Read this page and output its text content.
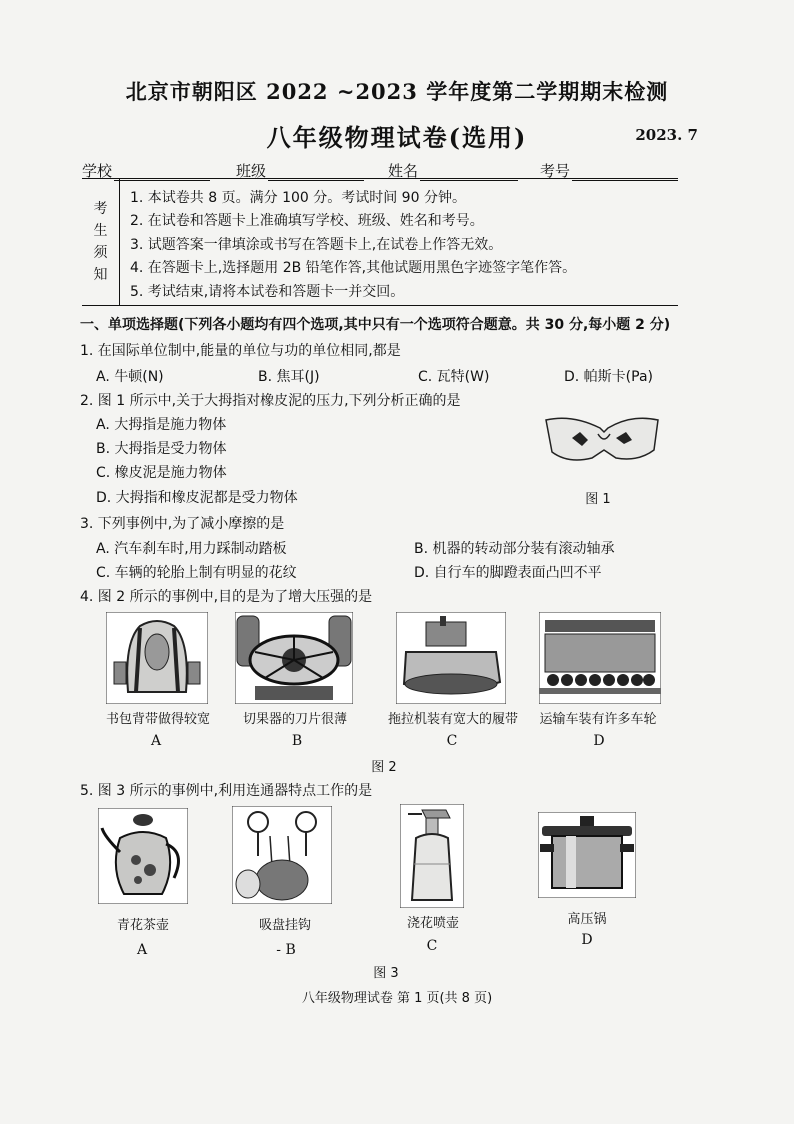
北京市朝阳区 2022 ~2023 学年度第二学期期末检测
八年级物理试卷(选用)	2023. 7
学校	班级	姓名	考号
考
生
须
知
1. 本试卷共 8 页。满分 100 分。考试时间 90 分钟。
2. 在试卷和答题卡上准确填写学校、班级、姓名和考号。
3. 试题答案一律填涂或书写在答题卡上,在试卷上作答无效。
4. 在答题卡上,选择题用 2B 铅笔作答,其他试题用黑色字迹签字笔作答。
5. 考试结束,请将本试卷和答题卡一并交回。
一、单项选择题(下列各小题均有四个选项,其中只有一个选项符合题意。共 30 分,每小题 2 分)
1. 在国际单位制中,能量的单位与功的单位相同,都是
A. 牛顿(N)	B. 焦耳(J)	C. 瓦特(W)	D. 帕斯卡(Pa)
2. 图 1 所示中,关于大拇指对橡皮泥的压力,下列分析正确的是
A. 大拇指是施力物体
B. 大拇指是受力物体
C. 橡皮泥是施力物体
D. 大拇指和橡皮泥都是受力物体	图 1
3. 下列事例中,为了减小摩擦的是
A. 汽车刹车时,用力踩制动踏板	B. 机器的转动部分装有滚动轴承
C. 车辆的轮胎上制有明显的花纹	D. 自行车的脚蹬表面凸凹不平
4. 图 2 所示的事例中,目的是为了增大压强的是
书包背带做得较宽	切果器的刀片很薄	拖拉机装有宽大的履带	运输车装有许多车轮
A	B	C	D
图 2
5. 图 3 所示的事例中,利用连通器特点工作的是
青花茶壶	吸盘挂钩	浇花喷壶	高压锅
A	- B	C	D
图 3
八年级物理试卷 第 1 页(共 8 页)
